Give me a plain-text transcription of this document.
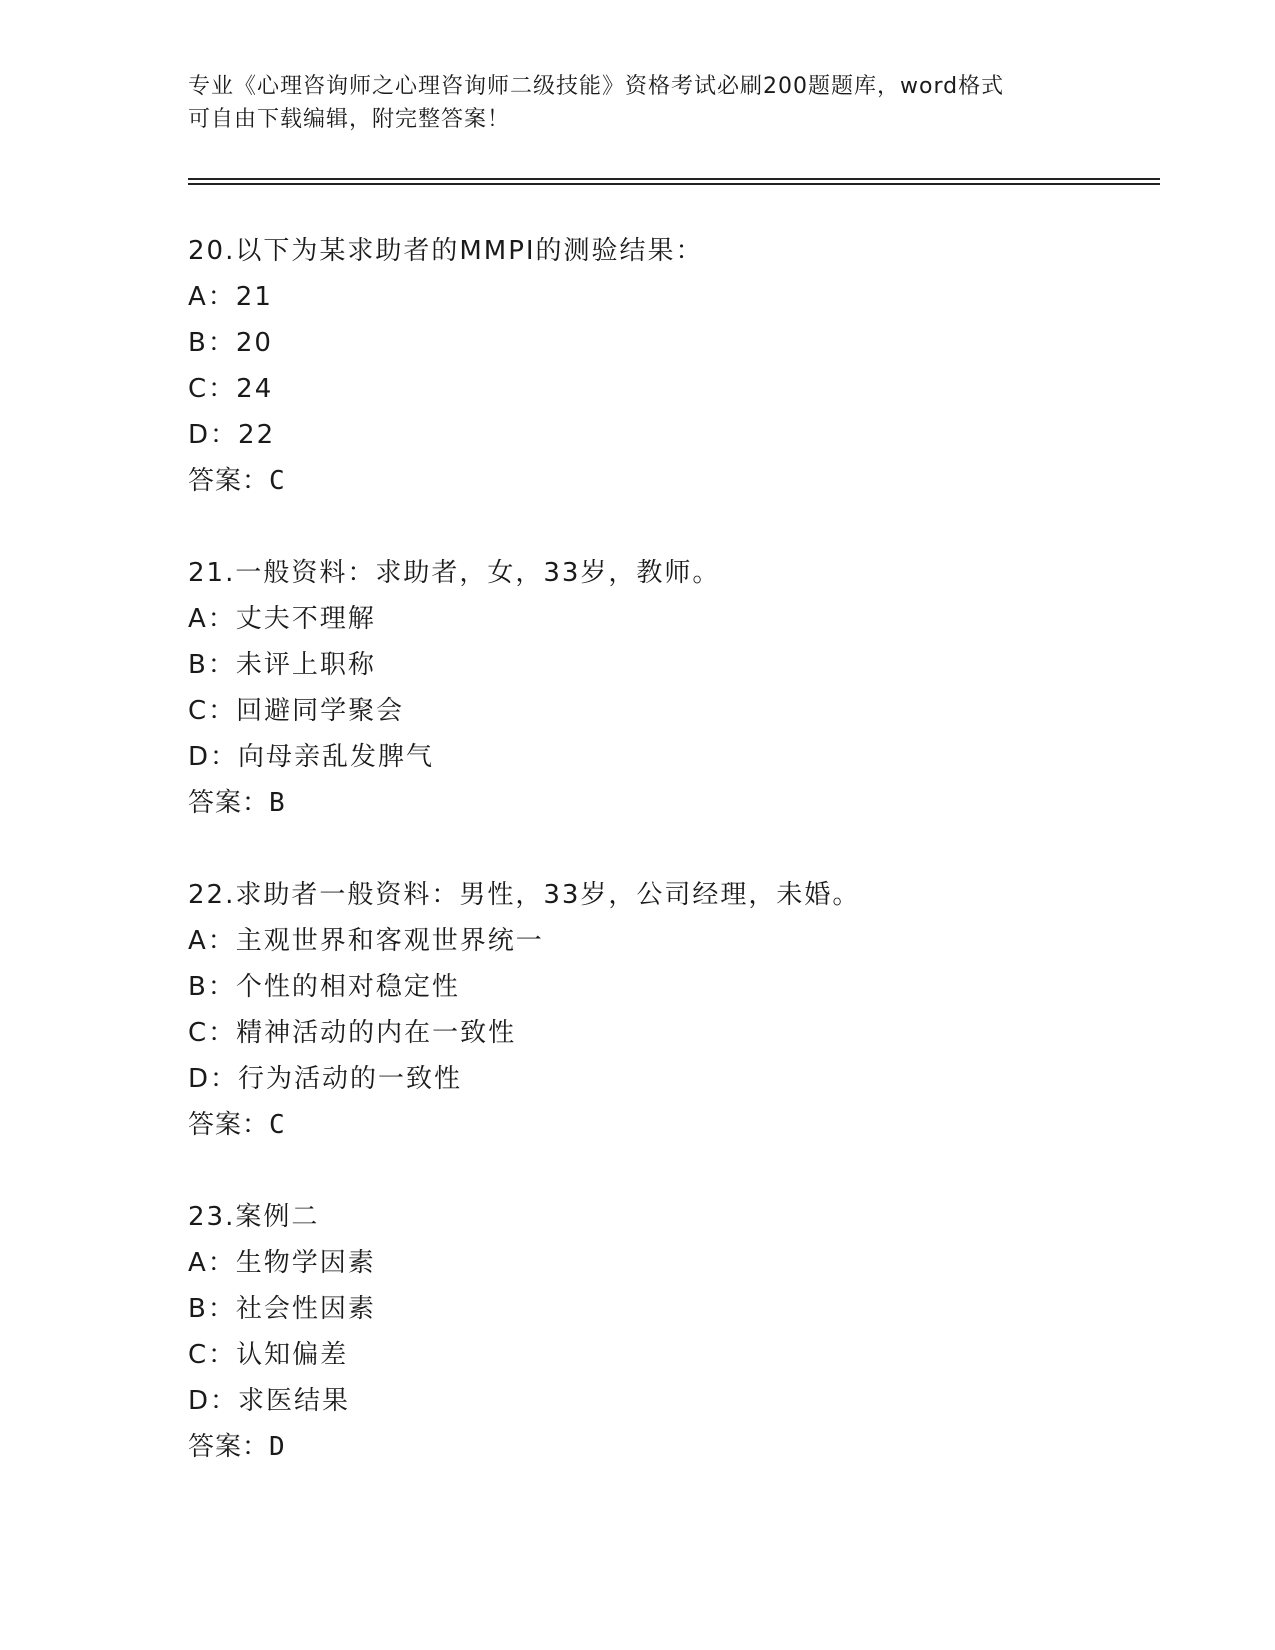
专业《心理咨询师之心理咨询师二级技能》资格考试必刷200题题库，word格式
可自由下载编辑，附完整答案！
20.以下为某求助者的MMPI的测验结果：
A：21
B：20
C：24
D：22
答案：C
21.一般资料：求助者，女，33岁，教师。
A：丈夫不理解
B：未评上职称
C：回避同学聚会
D：向母亲乱发脾气
答案：B
22.求助者一般资料：男性，33岁，公司经理，未婚。
A：主观世界和客观世界统一
B：个性的相对稳定性
C：精神活动的内在一致性
D：行为活动的一致性
答案：C
23.案例二
A：生物学因素
B：社会性因素
C：认知偏差
D：求医结果
答案：D
